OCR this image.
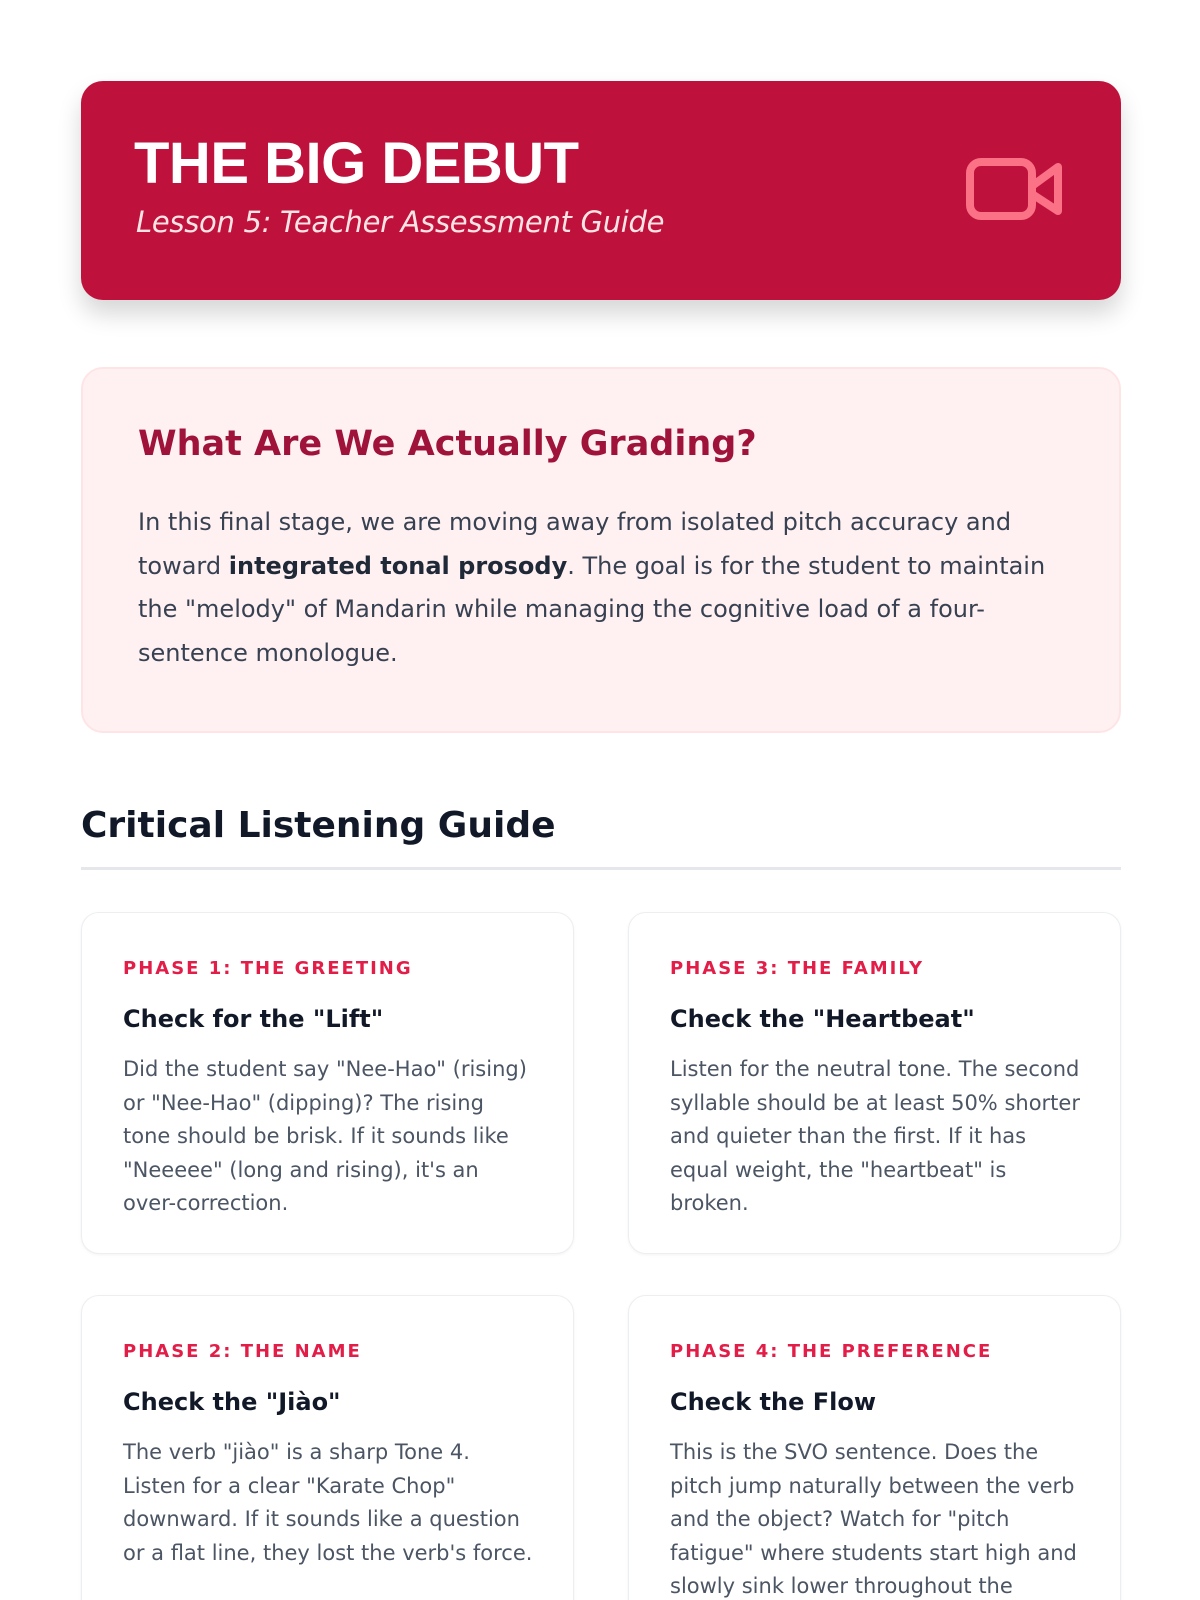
THE BIG DEBUT

Lesson 5: Teacher Assessment Guide

What Are We Actually Grading?

In this final stage, we are moving away from isolated pitch accuracy and toward integrated tonal prosody. The goal is for the student to maintain the "melody" of Mandarin while managing the cognitive load of a four-sentence monologue.

Critical Listening Guide

PHASE 1: THE GREETING

Check for the "Lift"

Did the student say "Nee-Hao" (rising) or "Nee-Hao" (dipping)? The rising tone should be brisk. If it sounds like "Neeeee" (long and rising), it's an over-correction.

PHASE 3: THE FAMILY

Check the "Heartbeat"

Listen for the neutral tone. The second syllable should be at least 50% shorter and quieter than the first. If it has equal weight, the "heartbeat" is broken.

PHASE 2: THE NAME

Check the "Jiào"

The verb "jiào" is a sharp Tone 4. Listen for a clear "Karate Chop" downward. If it sounds like a question or a flat line, they lost the verb's force.

PHASE 4: THE PREFERENCE

Check the Flow

This is the SVO sentence. Does the pitch jump naturally between the verb and the object? Watch for "pitch fatigue" where students start high and slowly sink lower throughout the
